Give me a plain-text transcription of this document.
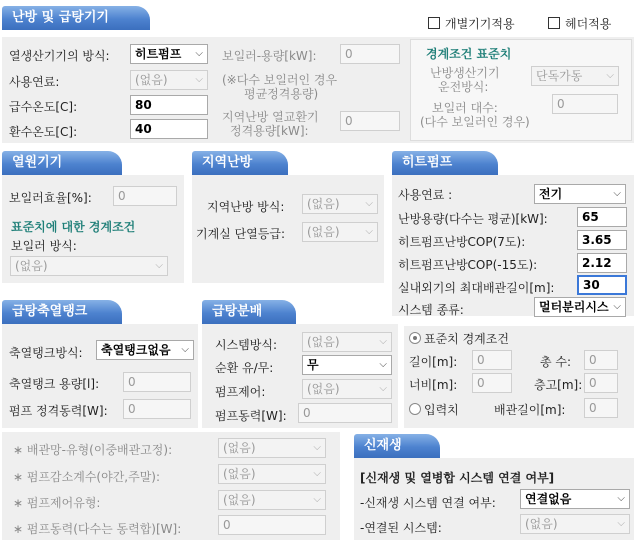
난방 및 급탕기기	개별기기적용	헤더적용
열생산기기의 방식:	히트펌프 ⌵
사용연료:	(없음)	⌵
급수온도[C]:	80
환수온도[C]:	40
보일러-용량[kW]:	0
(※다수 보일러인 경우
평균정격용량)
지역난방 열교환기
정격용량[kW]:
0
경계조건 표준치
난방생산기기
운전방식:
단독가동 ⌵
보일러 대수:
(다수 보일러인 경우)
0
열원기기
보일러효율[%]:	0
표준치에 대한 경계조건
보일러 방식:
(없음)	⌵
지역난방
지역난방 방식:	(없음)	⌵
기계실 단열등급:	(없음)	⌵
히트펌프
사용연료 :	전기	⌵
난방용량(다수는 평균)[kW]:	65
히트펌프난방COP(7도):	3.65
히트펌프난방COP(-15도):	2.12
실내외기의 최대배관길이[m]:	30
시스템 종류:	멀터분리시스 ⌵
급탕축열탱크
축열탱크방식:	축열탱크없음 ⌵
축열탱크 용량[l]:	0
펌프 정격동력[W]:	0
급탕분배
시스템방식:	(없음)	⌵
순환 유/무:	무	⌵
펌프제어:	(없음)	⌵
펌프동력[W]:	0
표준치 경계조건
길이[m]:	0	총 수:	0
너비[m]:	0	층고[m]: 0
입력치	배관길이[m]:	0
∗ 배관망-유형(이중배관고정):	(없음)	⌵
∗ 펌프감소계수(야간,주말):	(없음)	⌵
∗ 펌프제어유형:	(없음)	⌵
∗ 펌프동력(다수는 동력합)[W]:	0
신재생
[신재생 및 열병합 시스템 연결 여부]
-신재생 시스템 연결 여부:	연결없음	⌵
-연결된 시스템:	(없음)	⌵
